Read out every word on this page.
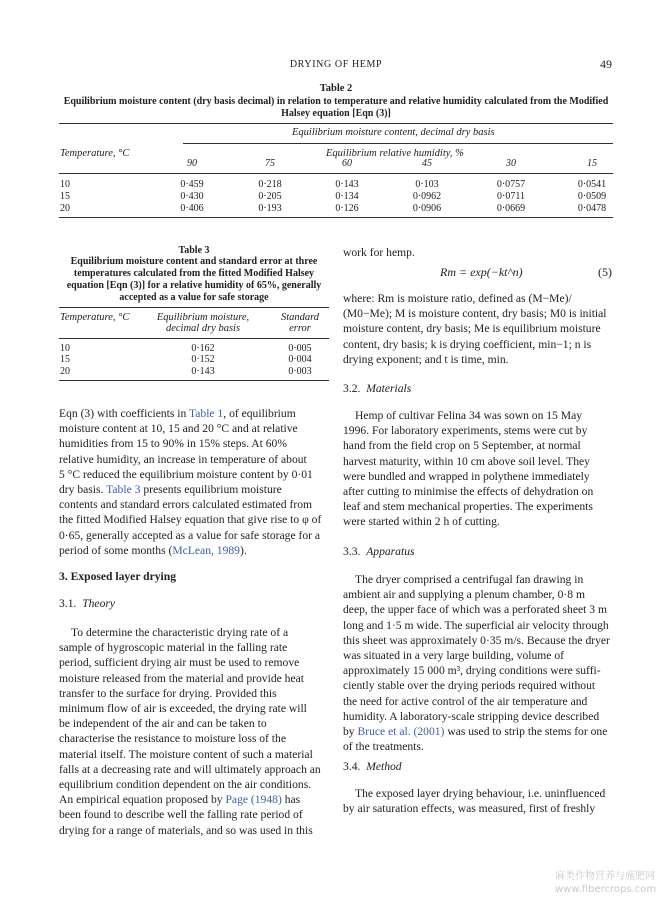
DRYING OF HEMP	49
Table 2
Equilibrium moisture content (dry basis decimal) in relation to temperature and relative humidity calculated from the Modified
Halsey equation [Eqn (3)]
Equilibrium moisture content, decimal dry basis
Temperature, °C	Equilibrium relative humidity, %
90	75	60	45	30	15
10	0·459	0·218	0·143	0·103	0·0757	0·0541
15	0·430	0·205	0·134	0·0962	0·0711	0·0509
20	0·406	0·193	0·126	0·0906	0·0669	0·0478
Table 3
Equilibrium moisture content and standard error at three
temperatures calculated from the fitted Modified Halsey
equation [Eqn (3)] for a relative humidity of 65%, generally
accepted as a value for safe storage
Temperature, °C	Equilibrium moisture,
decimal dry basis
Standard
error
10	0·162	0·005
15	0·152	0·004
20	0·143	0·003
Eqn (3) with coefficients in Table 1, of equilibrium
moisture content at 10, 15 and 20 °C and at relative
humidities from 15 to 90% in 15% steps. At 60%
relative humidity, an increase in temperature of about
5 °C reduced the equilibrium moisture content by 0·01
dry basis. Table 3 presents equilibrium moisture
contents and standard errors calculated estimated from
the fitted Modified Halsey equation that give rise to φ of
0·65, generally accepted as a value for safe storage for a
period of some months (McLean, 1989).
3. Exposed layer drying
3.1. Theory
To determine the characteristic drying rate of a
sample of hygroscopic material in the falling rate
period, sufficient drying air must be used to remove
moisture released from the material and provide heat
transfer to the surface for drying. Provided this
minimum flow of air is exceeded, the drying rate will
be independent of the air and can be taken to
characterise the resistance to moisture loss of the
material itself. The moisture content of such a material
falls at a decreasing rate and will ultimately approach an
equilibrium condition dependent on the air conditions.
An empirical equation proposed by Page (1948) has
been found to describe well the falling rate period of
drying for a range of materials, and so was used in this
work for hemp.
Rm = exp(−kt^n)	(5)
where: Rm is moisture ratio, defined as (M−Me)/
(M0−Me); M is moisture content, dry basis; M0 is initial
moisture content, dry basis; Me is equilibrium moisture
content, dry basis; k is drying coefficient, min−1; n is
drying exponent; and t is time, min.
3.2. Materials
Hemp of cultivar Felina 34 was sown on 15 May
1996. For laboratory experiments, stems were cut by
hand from the field crop on 5 September, at normal
harvest maturity, within 10 cm above soil level. They
were bundled and wrapped in polythene immediately
after cutting to minimise the effects of dehydration on
leaf and stem mechanical properties. The experiments
were started within 2 h of cutting.
3.3. Apparatus
The dryer comprised a centrifugal fan drawing in
ambient air and supplying a plenum chamber, 0·8 m
deep, the upper face of which was a perforated sheet 3 m
long and 1·5 m wide. The superficial air velocity through
this sheet was approximately 0·35 m/s. Because the dryer
was situated in a very large building, volume of
approximately 15 000 m³, drying conditions were suffi-
ciently stable over the drying periods required without
the need for active control of the air temperature and
humidity. A laboratory-scale stripping device described
by Bruce et al. (2001) was used to strip the stems for one
of the treatments.
3.4. Method
The exposed layer drying behaviour, i.e. uninfluenced
by air saturation effects, was measured, first of freshly
麻类作物营养与施肥网
www.fibercrops.com
